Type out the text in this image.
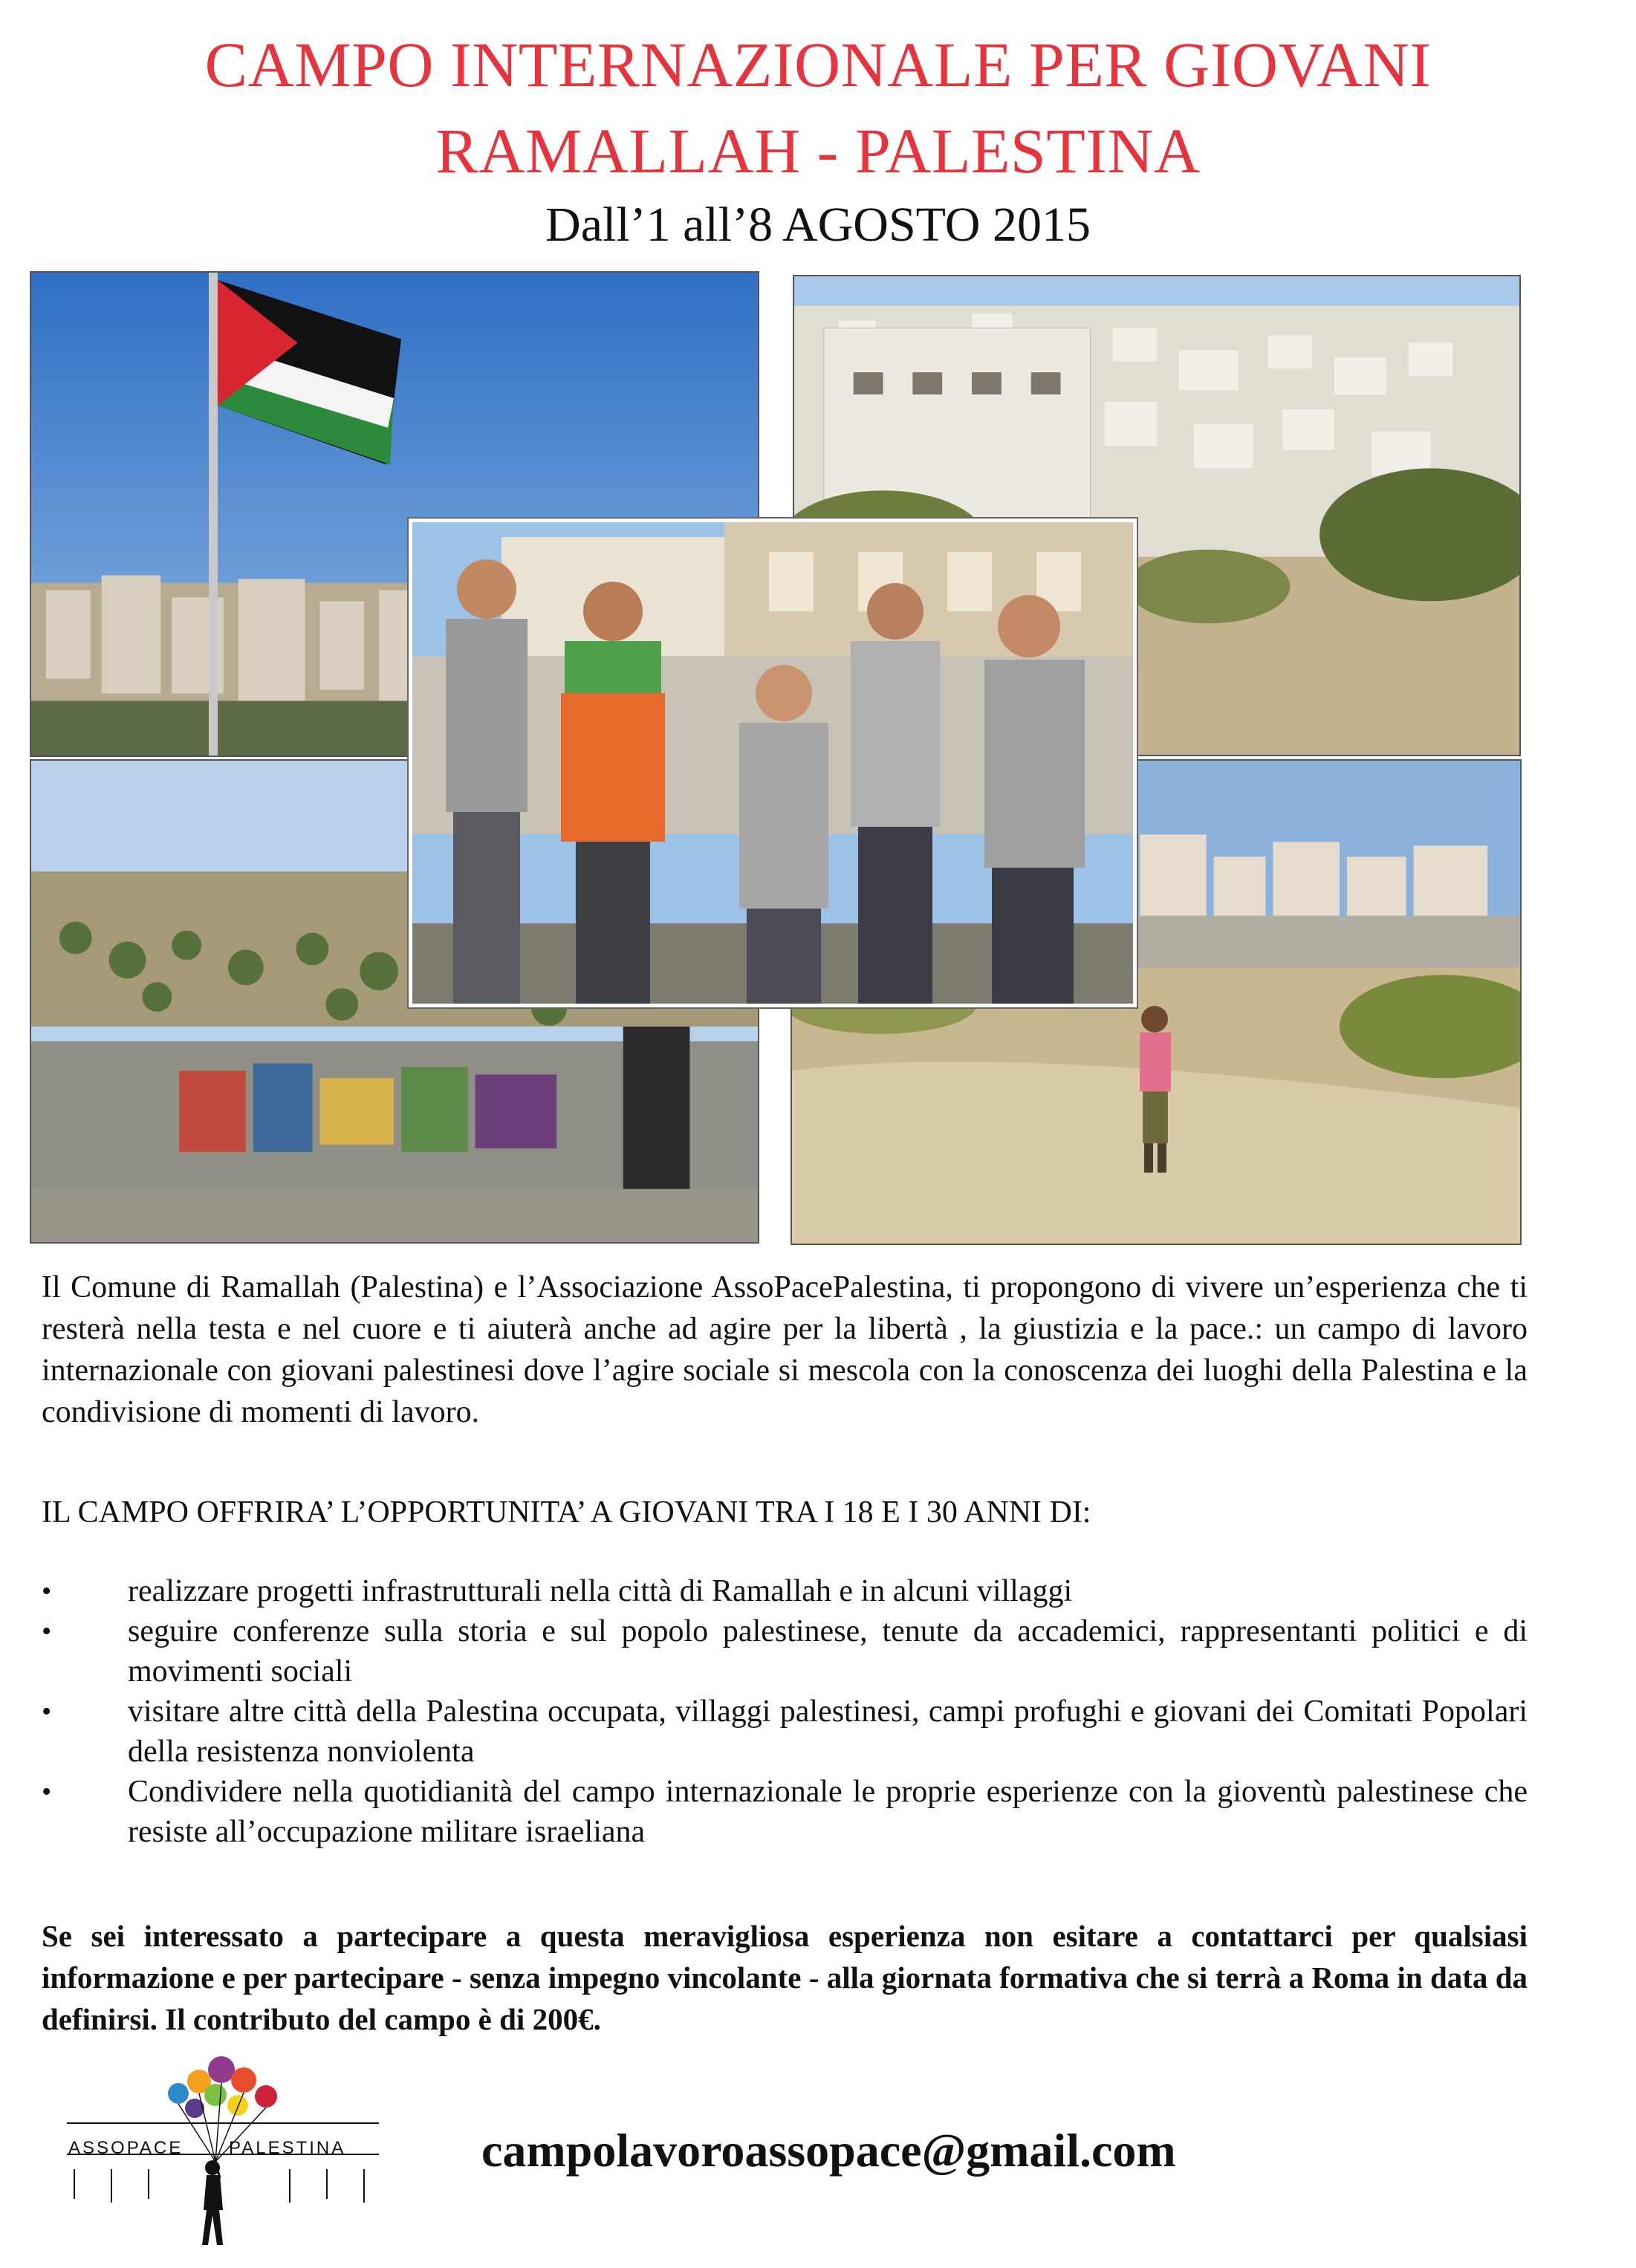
CAMPO INTERNAZIONALE PER GIOVANI
RAMALLAH - PALESTINA
Dall’1 all’8 AGOSTO 2015
Il Comune di Ramallah (Palestina) e l’Associazione AssoPacePalestina, ti propongono di vivere un’esperienza che ti resterà nella testa e nel cuore e ti aiuterà anche ad agire per la libertà , la giustizia e la pace.: un campo di lavoro internazionale con giovani palestinesi dove l’agire sociale si mescola con la conoscenza dei luoghi della Palestina e la condivisione di momenti di lavoro.
IL CAMPO OFFRIRA’ L’OPPORTUNITA’ A GIOVANI TRA I 18 E I 30 ANNI DI:
• realizzare progetti infrastrutturali nella città di Ramallah e in alcuni villaggi
• seguire conferenze sulla storia e sul popolo palestinese, tenute da accademici, rappresentanti politici e di movimenti sociali
• visitare altre città della Palestina occupata, villaggi palestinesi, campi profughi e giovani dei Comitati Popolari della resistenza nonviolenta
• Condividere nella quotidianità del campo internazionale le proprie esperienze con la gioventù palestinese che resiste all’occupazione militare israeliana
Se sei interessato a partecipare a questa meravigliosa esperienza non esitare a contattarci per qualsiasi informazione e per partecipare - senza impegno vincolante - alla giornata formativa che si terrà a Roma in data da definirsi. Il contributo del campo è di 200€.
ASSOPACE	PALESTINA	campolavoroassopace@gmail.com
